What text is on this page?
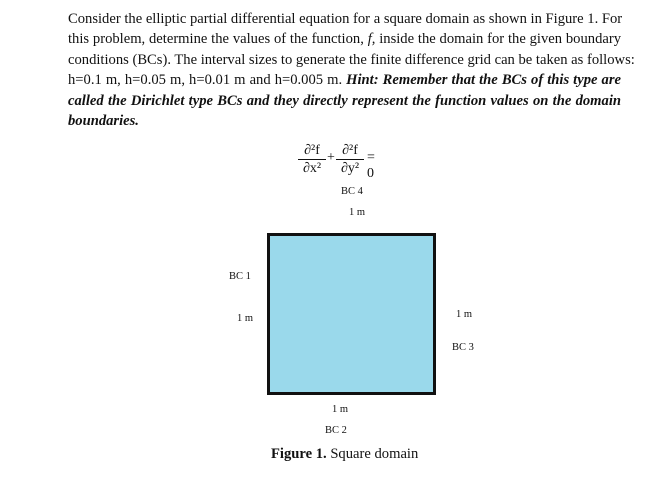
Consider the elliptic partial differential equation for a square domain as shown in Figure 1. For
this problem, determine the values of the function, f, inside the domain for the given boundary
conditions (BCs). The interval sizes to generate the finite difference grid can be taken as follows:
h=0.1 m, h=0.05 m, h=0.01 m and h=0.005 m. Hint: Remember that the BCs of this type are
called the Dirichlet type BCs and they directly represent the function values on the domain
boundaries.
∂²f
∂x²
+ ∂²f
∂y²
= 0
BC 4
1 m
BC 1
1 m	1 m
BC 3
1 m
BC 2
Figure 1. Square domain
